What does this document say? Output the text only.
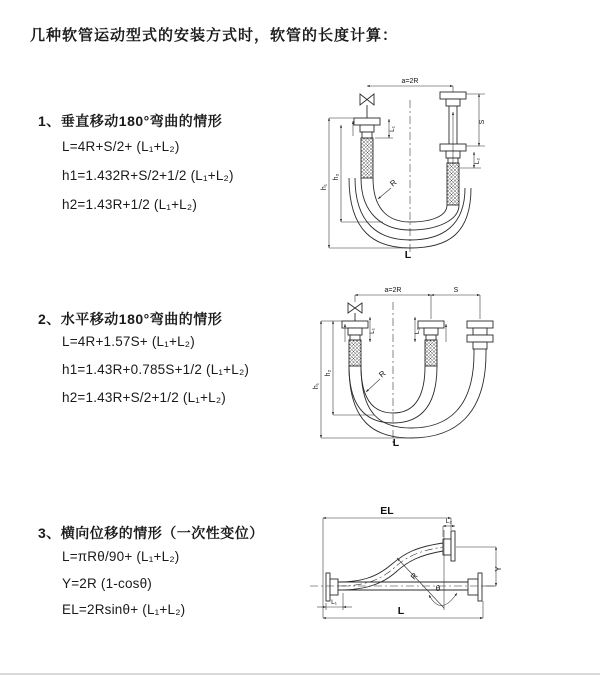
几种软管运动型式的安装方式时，软管的长度计算：
1、垂直移动180°弯曲的情形
L=4R+S/2+ (L₁+L₂)
h1=1.432R+S/2+1/2 (L₁+L₂)
h2=1.43R+1/2 (L₁+L₂)
2、水平移动180°弯曲的情形
L=4R+1.57S+ (L₁+L₂)
h1=1.43R+0.785S+1/2 (L₁+L₂)
h2=1.43R+S/2+1/2 (L₁+L₂)
3、横向位移的情形（一次性变位）
L=πRθ/90+ (L₁+L₂)
Y=2R (1-cosθ)
EL=2Rsinθ+ (L₁+L₂)
a=2R
h₁
h₂
S
L₂
L₁
R
L
a=2R	S
h₁
h₂
L₁	L₂
R
L
EL
L₂
Y
R
θ
L
L₁
